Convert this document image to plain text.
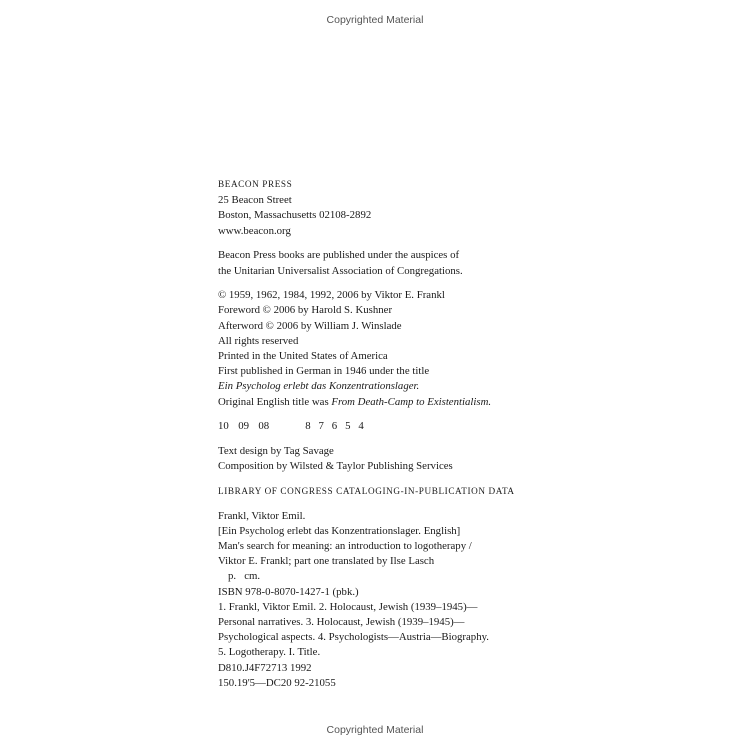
Copyrighted Material
BEACON PRESS
25 Beacon Street
Boston, Massachusetts 02108-2892
www.beacon.org
Beacon Press books are published under the auspices of
the Unitarian Universalist Association of Congregations.
© 1959, 1962, 1984, 1992, 2006 by Viktor E. Frankl
Foreword © 2006 by Harold S. Kushner
Afterword © 2006 by William J. Winslade
All rights reserved
Printed in the United States of America
First published in German in 1946 under the title
Ein Psycholog erlebt das Konzentrationslager.
Original English title was From Death-Camp to Existentialism.
10  09  08	8 7 6 5 4
Text design by Tag Savage
Composition by Wilsted & Taylor Publishing Services
LIBRARY OF CONGRESS CATALOGING-IN-PUBLICATION DATA
Frankl, Viktor Emil.
[Ein Psycholog erlebt das Konzentrationslager. English]
Man's search for meaning: an introduction to logotherapy /
Viktor E. Frankl; part one translated by Ilse Lasch
p.   cm.
ISBN 978-0-8070-1427-1 (pbk.)
1. Frankl, Viktor Emil. 2. Holocaust, Jewish (1939–1945)—
Personal narratives. 3. Holocaust, Jewish (1939–1945)—
Psychological aspects. 4. Psychologists—Austria—Biography.
5. Logotherapy. I. Title.
D810.J4F72713 1992
150.19'5—DC20 92-21055
Copyrighted Material
